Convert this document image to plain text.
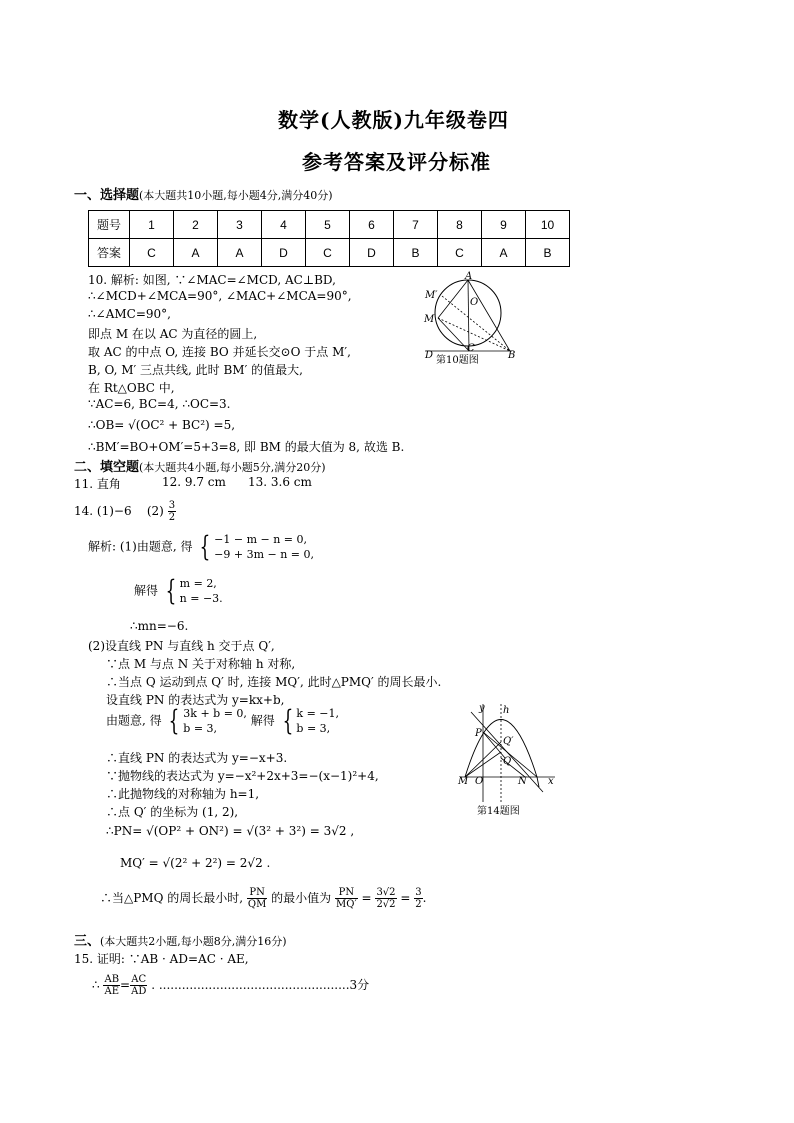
数学(人教版)九年级卷四
参考答案及评分标准
一、选择题(本大题共10小题,每小题4分,满分40分)
题号	1	2	3	4	5	6	7	8	9	10
答案	C	A	A	D	C	D	B	C	A	B
10. 解析: 如图, ∵∠MAC=∠MCD, AC⊥BD,
∴∠MCD+∠MCA=90°, ∠MAC+∠MCA=90°,
∴∠AMC=90°,
即点 M 在以 AC 为直径的圆上,
取 AC 的中点 O, 连接 BO 并延长交⊙O 于点 M′,
B, O, M′ 三点共线, 此时 BM′ 的值最大,
在 Rt△OBC 中,
∵AC=6, BC=4, ∴OC=3.
∴OB= √(OC² + BC²) =5,
∴BM′=BO+OM′=5+3=8, 即 BM 的最大值为 8, 故选 B.
A
M′
O
M
D
C
B
第10题图
二、填空题(本大题共4小题,每小题5分,满分20分)
11. 直角	12. 9.7 cm 13. 3.6 cm
14. (1)−6 $(2) \frac{3}{2}$
解析: (1)由题意, 得 { −1 − m − n = 0,
−9 + 3m − n = 0,
解得 { m = 2,
n = −3.
∴mn=−6.
(2)设直线 PN 与直线 h 交于点 Q′,
∵点 M 与点 N 关于对称轴 h 对称,
∴当点 Q 运动到点 Q′ 时, 连接 MQ′, 此时△PMQ′ 的周长最小.
设直线 PN 的表达式为 y=kx+b,
由题意, 得 { 3k + b = 0,
b = 3, 解得 { k = −1,
b = 3,
∴直线 PN 的表达式为 y=−x+3.
∵抛物线的表达式为 y=−x²+2x+3=−(x−1)²+4,
∴此抛物线的对称轴为 h=1,
∴点 Q′ 的坐标为 (1, 2),
∴PN= √(OP² + ON²) = √(3² + 3²) = 3√2 ,
MQ′ = √(2² + 2²) = 2√2 .
∴当△PMQ 的周长最小时, $\frac{PN}{QM}$ 的最小值为 $\frac{PN}{MQ'} = \frac{3√2}{2√2} = \frac{3}{2}$ .
y h
P
Q′
Q
M O	N x
第14题图
三、(本大题共2小题,每小题8分,满分16分)
15. 证明: ∵AB · AD=AC · AE,
∴ $\frac{AB}{AE} = \frac{AC}{AD}$ . ..................................................3分
